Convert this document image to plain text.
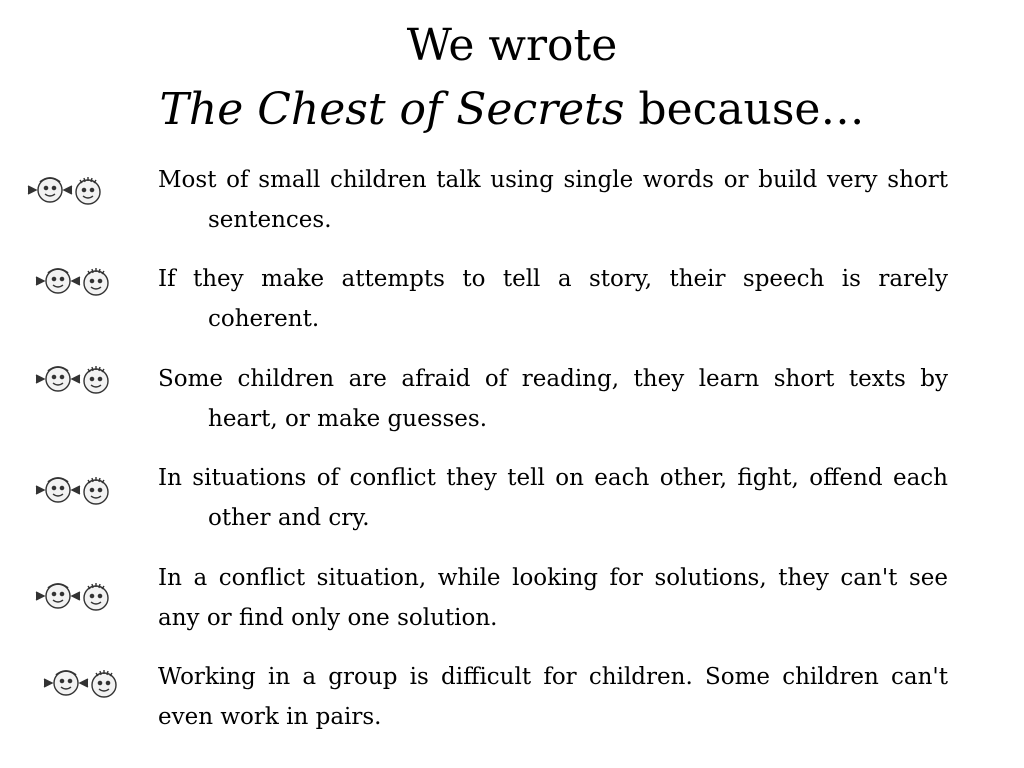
We wrote
The Chest of Secrets because…
Most of small children talk using single words or build very short sentences.
If they make attempts to tell a story, their speech is rarely coherent.
Some children are afraid of reading, they learn short texts by heart, or make guesses.
In situations of conflict they tell on each other, fight, offend each other and cry.
In a conflict situation, while looking for solutions, they can't see any or find only one solution.
Working in a group is difficult for children. Some children can't even work in pairs.
